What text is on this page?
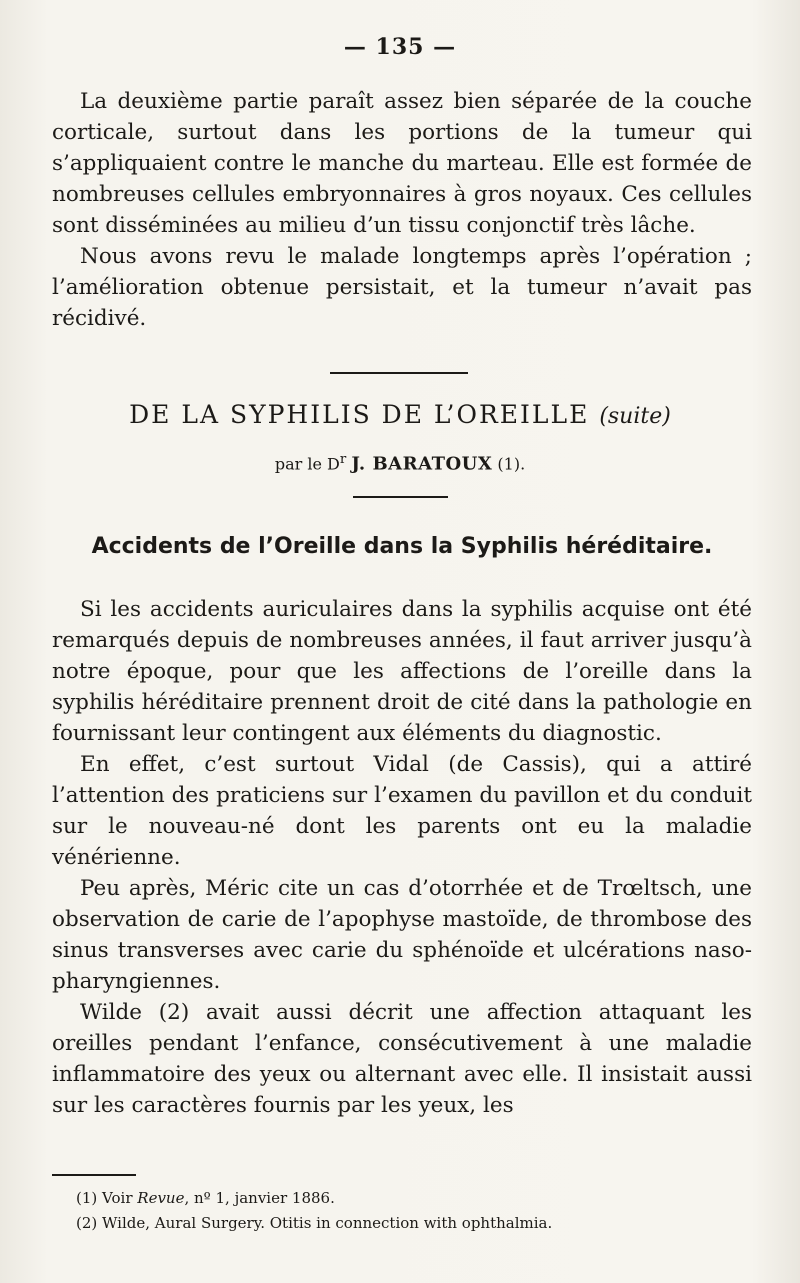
— 135 —

La deuxième partie paraît assez bien séparée de la couche corticale, surtout dans les portions de la tumeur qui s’appliquaient contre le manche du marteau. Elle est formée de nombreuses cellules embryonnaires à gros noyaux. Ces cellules sont disséminées au milieu d’un tissu conjonctif très lâche.

Nous avons revu le malade longtemps après l’opération ; l’amélioration obtenue persistait, et la tumeur n’avait pas récidivé.

DE LA SYPHILIS DE L’OREILLE (suite)
par le $D^r$ J. BARATOUX (1).
Accidents de l’Oreille dans la Syphilis héréditaire.

Si les accidents auriculaires dans la syphilis acquise ont été remarqués depuis de nombreuses années, il faut arriver jusqu’à notre époque, pour que les affections de l’oreille dans la syphilis héréditaire prennent droit de cité dans la pathologie en fournissant leur contingent aux éléments du diagnostic.

En effet, c’est surtout Vidal (de Cassis), qui a attiré l’attention des praticiens sur l’examen du pavillon et du conduit sur le nouveau-né dont les parents ont eu la maladie vénérienne.

Peu après, Méric cite un cas d’otorrhée et de Trœltsch, une observation de carie de l’apophyse mastoïde, de thrombose des sinus transverses avec carie du sphénoïde et ulcérations naso-pharyngiennes.

Wilde (2) avait aussi décrit une affection attaquant les oreilles pendant l’enfance, consécutivement à une maladie inflammatoire des yeux ou alternant avec elle. Il insistait aussi sur les caractères fournis par les yeux, les

(1) Voir Revue, nº 1, janvier 1886.
(2) Wilde, Aural Surgery. Otitis in connection with ophthalmia.
